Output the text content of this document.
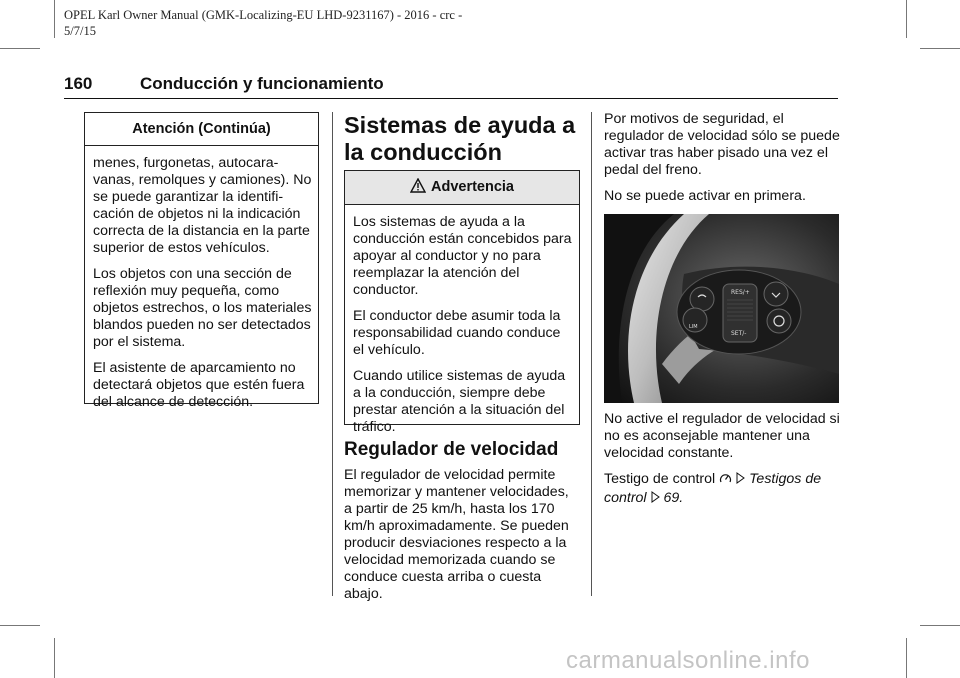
OPEL Karl Owner Manual (GMK-Localizing-EU LHD-9231167) - 2016 - crc -
5/7/15
160	Conducción y funcionamiento
Atención (Continúa)

menes, furgonetas, autocara-vanas, remolques y camiones). No se puede garantizar la identifi-cación de objetos ni la indicación correcta de la distancia en la parte superior de estos vehículos.

Los objetos con una sección de reflexión muy pequeña, como objetos estrechos, o los materiales blandos pueden no ser detectados por el sistema.

El asistente de aparcamiento no detectará objetos que estén fuera del alcance de detección.

Sistemas de ayuda a la conducción
Advertencia

Los sistemas de ayuda a la conducción están concebidos para apoyar al conductor y no para reemplazar la atención del conductor.

El conductor debe asumir toda la responsabilidad cuando conduce el vehículo.

Cuando utilice sistemas de ayuda a la conducción, siempre debe prestar atención a la situación del tráfico.

Regulador de velocidad

El regulador de velocidad permite memorizar y mantener velocidades, a partir de 25 km/h, hasta los 170 km/h aproximadamente. Se pueden producir desviaciones respecto a la velocidad memorizada cuando se conduce cuesta arriba o cuesta abajo.

Por motivos de seguridad, el regulador de velocidad sólo se puede activar tras haber pisado una vez el pedal del freno.

No se puede activar en primera.

RES/+
SET/-
LIM

No active el regulador de velocidad si no es aconsejable mantener una velocidad constante.

Testigo de control Testigos de control 69.

carmanualsonline.info
